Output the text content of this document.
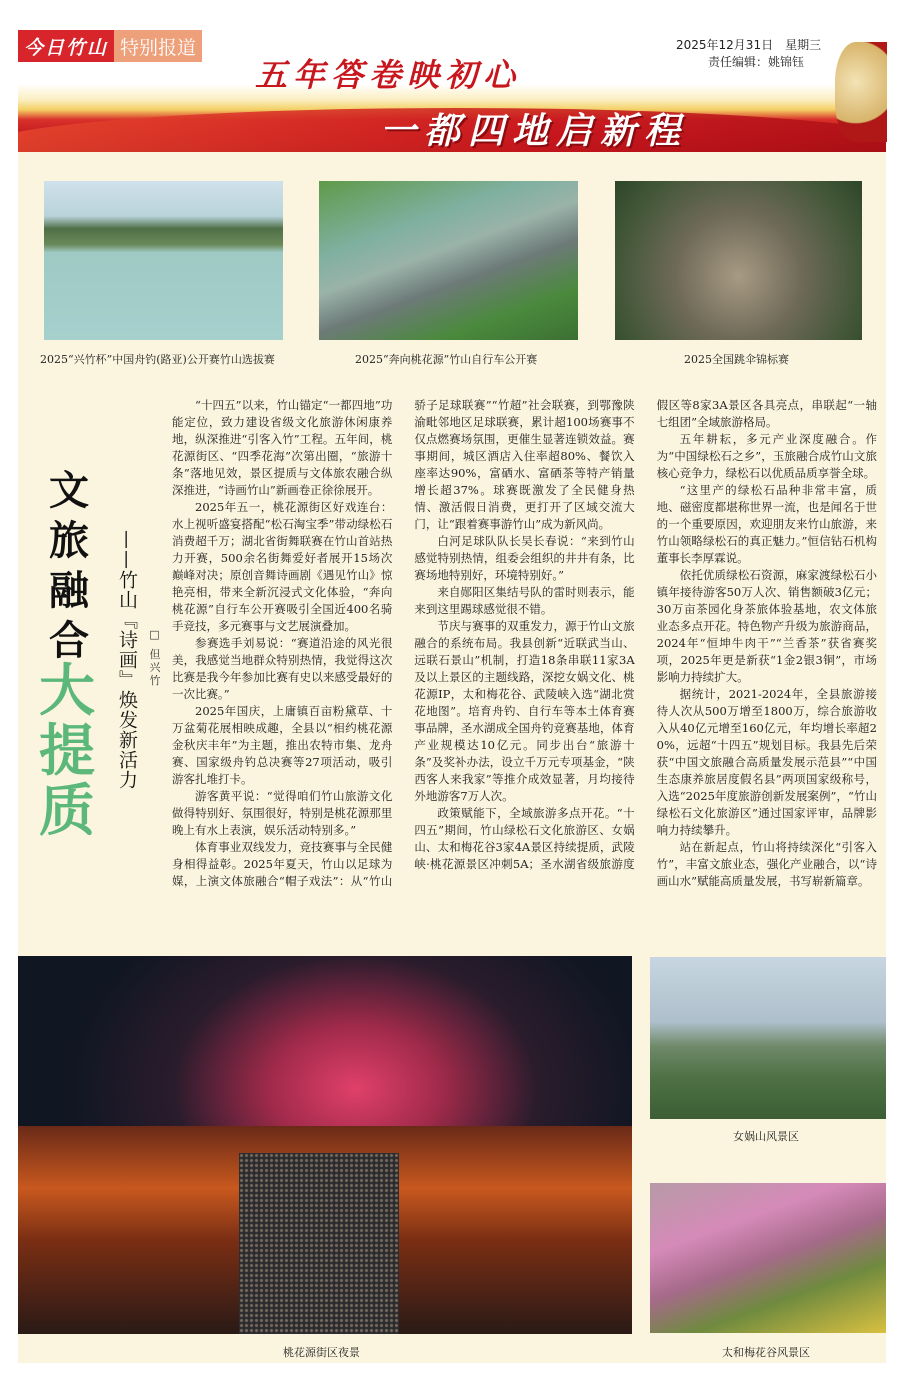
今日竹山 特别报道
五年答卷映初心
一都四地启新程
2025年12月31日　星期三
责任编辑：姚锦钰
2025“兴竹杯”中国舟钓(路亚)公开赛竹山选拔赛	2025“奔向桃花源”竹山自行车公开赛	2025全国跳伞锦标赛
文旅融合
大提质
——竹山『诗画』焕发新活力 □ 但兴竹

“十四五”以来，竹山锚定“一都四地”功能定位，致力建设省级文化旅游休闲康养地，纵深推进“引客入竹”工程。五年间，桃花源街区、“四季花海”次第出圈，“旅游十条”落地见效，景区提质与文体旅农融合纵深推进，“诗画竹山”新画卷正徐徐展开。

2025年五一，桃花源街区好戏连台：水上视听盛宴搭配“松石淘宝季”带动绿松石消费超千万；湖北省街舞联赛在竹山首站热力开赛，500余名街舞爱好者展开15场次巅峰对决；原创音舞诗画剧《遇见竹山》惊艳亮相，带来全新沉浸式文化体验，“奔向桃花源”自行车公开赛吸引全国近400名骑手竞技，多元赛事与文艺展演叠加。

参赛选手刘易说：“赛道沿途的风光很美，我感觉当地群众特别热情，我觉得这次比赛是我今年参加比赛有史以来感受最好的一次比赛。”

2025年国庆，上庸镇百亩粉黛草、十万盆菊花展相映成趣，全县以“相约桃花源 金秋庆丰年”为主题，推出农特市集、龙舟赛、国家级舟钓总决赛等27项活动，吸引游客扎堆打卡。

游客黄平说：“觉得咱们竹山旅游文化做得特别好、氛围很好，特别是桃花源那里晚上有水上表演，娱乐活动特别多。”

体育事业双线发力，竞技赛事与全民健身相得益彰。2025年夏天，竹山以足球为媒，上演文体旅融合“帽子戏法”：从“竹山骄子足球联赛”“竹超”社会联赛，到鄂豫陕渝毗邻地区足球联赛，累计超100场赛事不仅点燃赛场氛围，更催生显著连锁效益。赛事期间，城区酒店入住率超80%、餐饮入座率达90%，富硒水、富硒茶等特产销量增长超37%。球赛既激发了全民健身热情、激活假日消费，更打开了区域交流大门，让“跟着赛事游竹山”成为新风尚。

白河足球队队长吴长春说：“来到竹山感觉特别热情，组委会组织的井井有条，比赛场地特别好，环境特别好。”

来自郧阳区集结号队的雷时则表示，能来到这里踢球感觉很不错。

节庆与赛事的双重发力，源于竹山文旅融合的系统布局。我县创新“近联武当山、远联石景山”机制，打造18条串联11家3A及以上景区的主题线路，深挖女娲文化、桃花源IP，太和梅花谷、武陵峡入选“湖北赏花地图”。培育舟钓、自行车等本土体育赛事品牌，圣水湖成全国舟钓竞赛基地，体育产业规模达10亿元。同步出台“旅游十条”及奖补办法，设立千万元专项基金，“陕西客人来我家”等推介成效显著，月均接待外地游客7万人次。

政策赋能下，全域旅游多点开花。“十四五”期间，竹山绿松石文化旅游区、女娲山、太和梅花谷3家4A景区持续提质，武陵峡·桃花源景区冲刺5A；圣水湖省级旅游度假区等8家3A景区各具亮点，串联起“一轴七组团”全域旅游格局。

五年耕耘，多元产业深度融合。作为“中国绿松石之乡”，玉旅融合成竹山文旅核心竞争力，绿松石以优质品质享誉全球。

“这里产的绿松石品种非常丰富，质地、磁密度都堪称世界一流，也是闻名于世的一个重要原因，欢迎朋友来竹山旅游，来竹山领略绿松石的真正魅力。”恒信钻石机构董事长李厚霖说。

依托优质绿松石资源，麻家渡绿松石小镇年接待游客50万人次、销售额破3亿元；30万亩茶园化身茶旅体验基地，农文体旅业态多点开花。特色物产升级为旅游商品，2024年“恒坤牛肉干”“兰香茶”获省赛奖项，2025年更是新获“1金2银3铜”，市场影响力持续扩大。

据统计，2021-2024年，全县旅游接待人次从500万增至1800万，综合旅游收入从40亿元增至160亿元，年均增长率超20%，远超“十四五”规划目标。我县先后荣获“中国文旅融合高质量发展示范县”“中国生态康养旅居度假名县”两项国家级称号，入选“2025年度旅游创新发展案例”，“竹山绿松石文化旅游区”通过国家评审，品牌影响力持续攀升。

站在新起点，竹山将持续深化“引客入竹”，丰富文旅业态，强化产业融合，以“诗画山水”赋能高质量发展，书写崭新篇章。

桃花源街区夜景
女娲山风景区
太和梅花谷风景区
